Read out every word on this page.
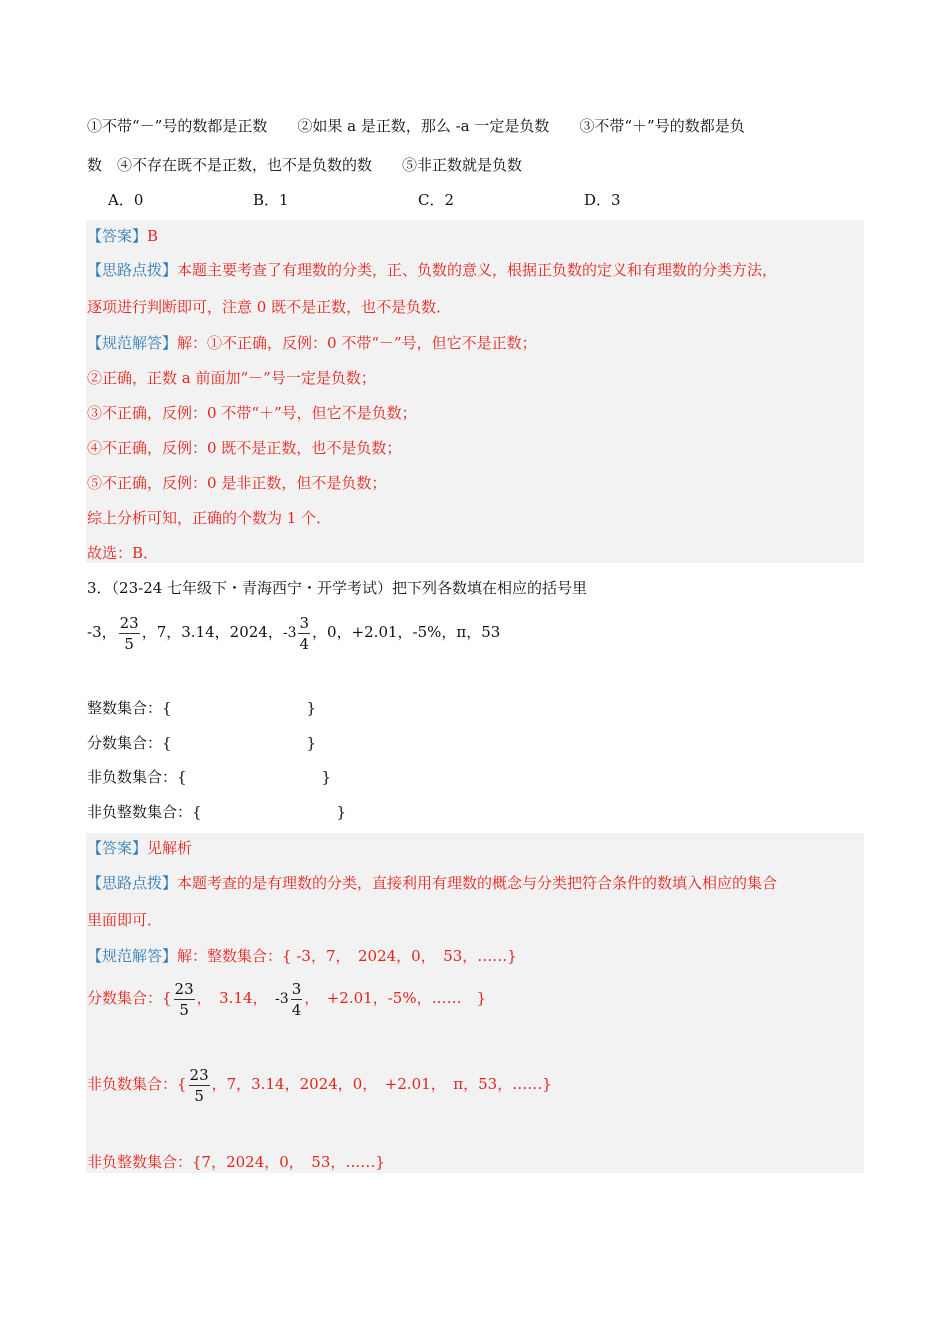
①不带“－”号的数都是正数　　②如果 a 是正数，那么 -a 一定是负数　　③不带“＋”号的数都是负
数　④不存在既不是正数，也不是负数的数　　⑤非正数就是负数
A．0	B．1	C．2	D．3
【答案】B
【思路点拨】本题主要考查了有理数的分类，正、负数的意义，根据正负数的定义和有理数的分类方法，
逐项进行判断即可，注意 0 既不是正数，也不是负数．
【规范解答】解：①不正确，反例：0 不带“－”号，但它不是正数；
②正确，正数 a 前面加“－”号一定是负数；
③不正确，反例：0 不带“＋”号，但它不是负数；
④不正确，反例：0 既不是正数，也不是负数；
⑤不正确，反例：0 是非正数，但不是负数；
综上分析可知，正确的个数为 1 个．
故选：B．
3．（23-24 七年级下・青海西宁・开学考试）把下列各数填在相应的括号里
-3， $\frac{23}{5}$ ，7，3.14，2024， $-3 \frac{3}{4}$ ，0，+2.01，-5%，π，53
整数集合：{　　　　　　　　　}
分数集合：{　　　　　　　　　}
非负数集合：{　　　　　　　　　}
非负整数集合：{　　　　　　　　　}
【答案】见解析
【思路点拨】本题考查的是有理数的分类，直接利用有理数的概念与分类把符合条件的数填入相应的集合
里面即可．
【规范解答】解：整数集合：{ -3，7，　2024，0，　53，……}
分数集合：{ $\frac{23}{5}$ ，　3.14，　 $-3 \frac{3}{4}$ ，　+2.01，-5%，……　}
非负数集合：{ $\frac{23}{5}$ ，7，3.14，2024，0，　+2.01，　π，53，……}
非负整数集合：{7，2024，0，　53，……}
